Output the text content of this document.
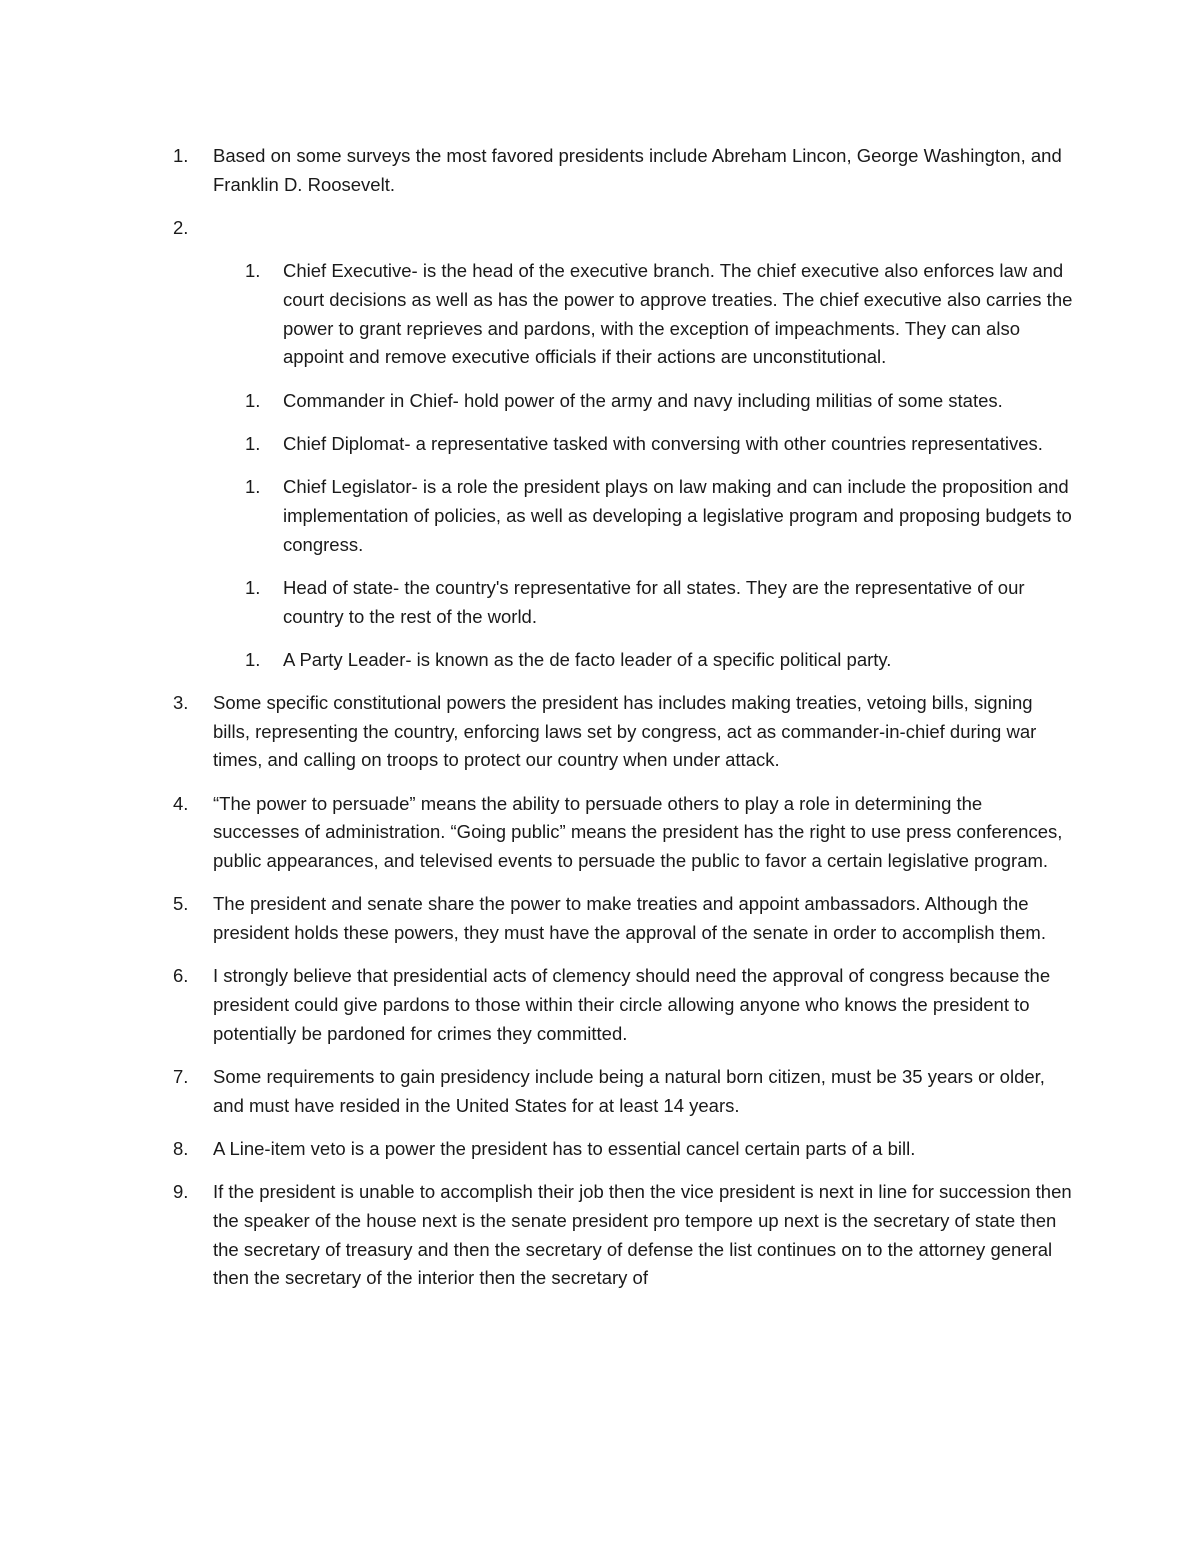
1.	Based on some surveys the most favored presidents include Abreham Lincon, George Washington, and Franklin D. Roosevelt.
2.
1.	Chief Executive- is the head of the executive branch. The chief executive also enforces law and court decisions as well as has the power to approve treaties. The chief executive also carries the power to grant reprieves and pardons, with the exception of impeachments. They can also appoint and remove executive officials if their actions are unconstitutional.
1.	Commander in Chief- hold power of the army and navy including militias of some states.
1.	Chief Diplomat- a representative tasked with conversing with other countries representatives.
1.	Chief Legislator- is a role the president plays on law making and can include the proposition and implementation of policies, as well as developing a legislative program and proposing budgets to congress.
1.	Head of state- the country's representative for all states. They are the representative of our country to the rest of the world.
1.	A Party Leader- is known as the de facto leader of a specific political party.
3.	Some specific constitutional powers the president has includes making treaties, vetoing bills, signing bills, representing the country, enforcing laws set by congress, act as commander-in-chief during war times, and calling on troops to protect our country when under attack.
4.	“The power to persuade” means the ability to persuade others to play a role in determining the successes of administration. “Going public” means the president has the right to use press conferences, public appearances, and televised events to persuade the public to favor a certain legislative program.
5.	The president and senate share the power to make treaties and appoint ambassadors. Although the president holds these powers, they must have the approval of the senate in order to accomplish them.
6.	I strongly believe that presidential acts of clemency should need the approval of congress because the president could give pardons to those within their circle allowing anyone who knows the president to potentially be pardoned for crimes they committed.
7.	Some requirements to gain presidency include being a natural born citizen, must be 35 years or older, and must have resided in the United States for at least 14 years.
8.	A Line-item veto is a power the president has to essential cancel certain parts of a bill.
9.	If the president is unable to accomplish their job then the vice president is next in line for succession then the speaker of the house next is the senate president pro tempore up next is the secretary of state then the secretary of treasury and then the secretary of defense the list continues on to the attorney general then the secretary of the interior then the secretary of
